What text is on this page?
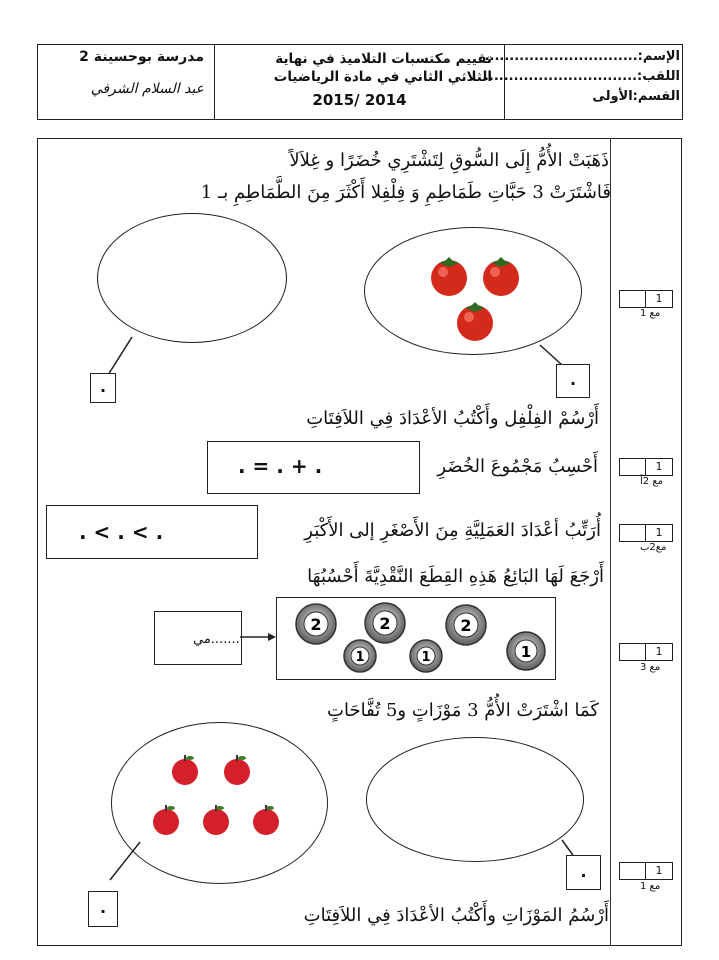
مدرسة بوحسينة 2
عبد السلام الشرفي
تقييم مكتسبات التلاميذ في نهاية
الثلاثي الثاني في مادة الرياضيات
2015/ 2014
الإسم:...............................
اللقب:...............................
القسم:الأولى
ذَهَبَتْ الأُمُّ إِلَى السُّوقِ لِتَشْتَرِي خُضَرًا و غِلاَلاً
فَاشْتَرَتْ 3 حَبَّاتِ طَمَاطِمِ وَ فِلْفِلا أَكْثَرَ مِنَ الطَّمَاطِمِ بـ 1
.	.
أَرْسُمْ الفِلْفِل وأَكْتُبُ الأعْدَادَ فِي اللاَفِتَاتِ
. = . + .	أَحْسِبُ مَجْمُوعَ الخُضَرِ
. < . < .	أُرَتِّبُ أعْدَادَ العَمَلِيَّةِ مِنَ الأَصْغَرِ إلى الأَكْبَرِ
أَرْجَعَ لَهَا البَائِعُ هَذِهِ القِطَعَ النَّقْدِيَّةَ أَحْسُبُهَا
.......مي
2	2	2
1	1	1
كَمَا اشْتَرَتْ الأُمُّ 3 مَوْزَاتٍ و5 تُفَّاحَاتٍ
.
.
أَرْسُمُ المَوْزَاتِ وأَكْتُبُ الأعْدَادَ فِي اللاَفِتَاتِ
1
مع 1
1
مع 2أ
1
مع2ب
1
مع 3
1
مع 1
